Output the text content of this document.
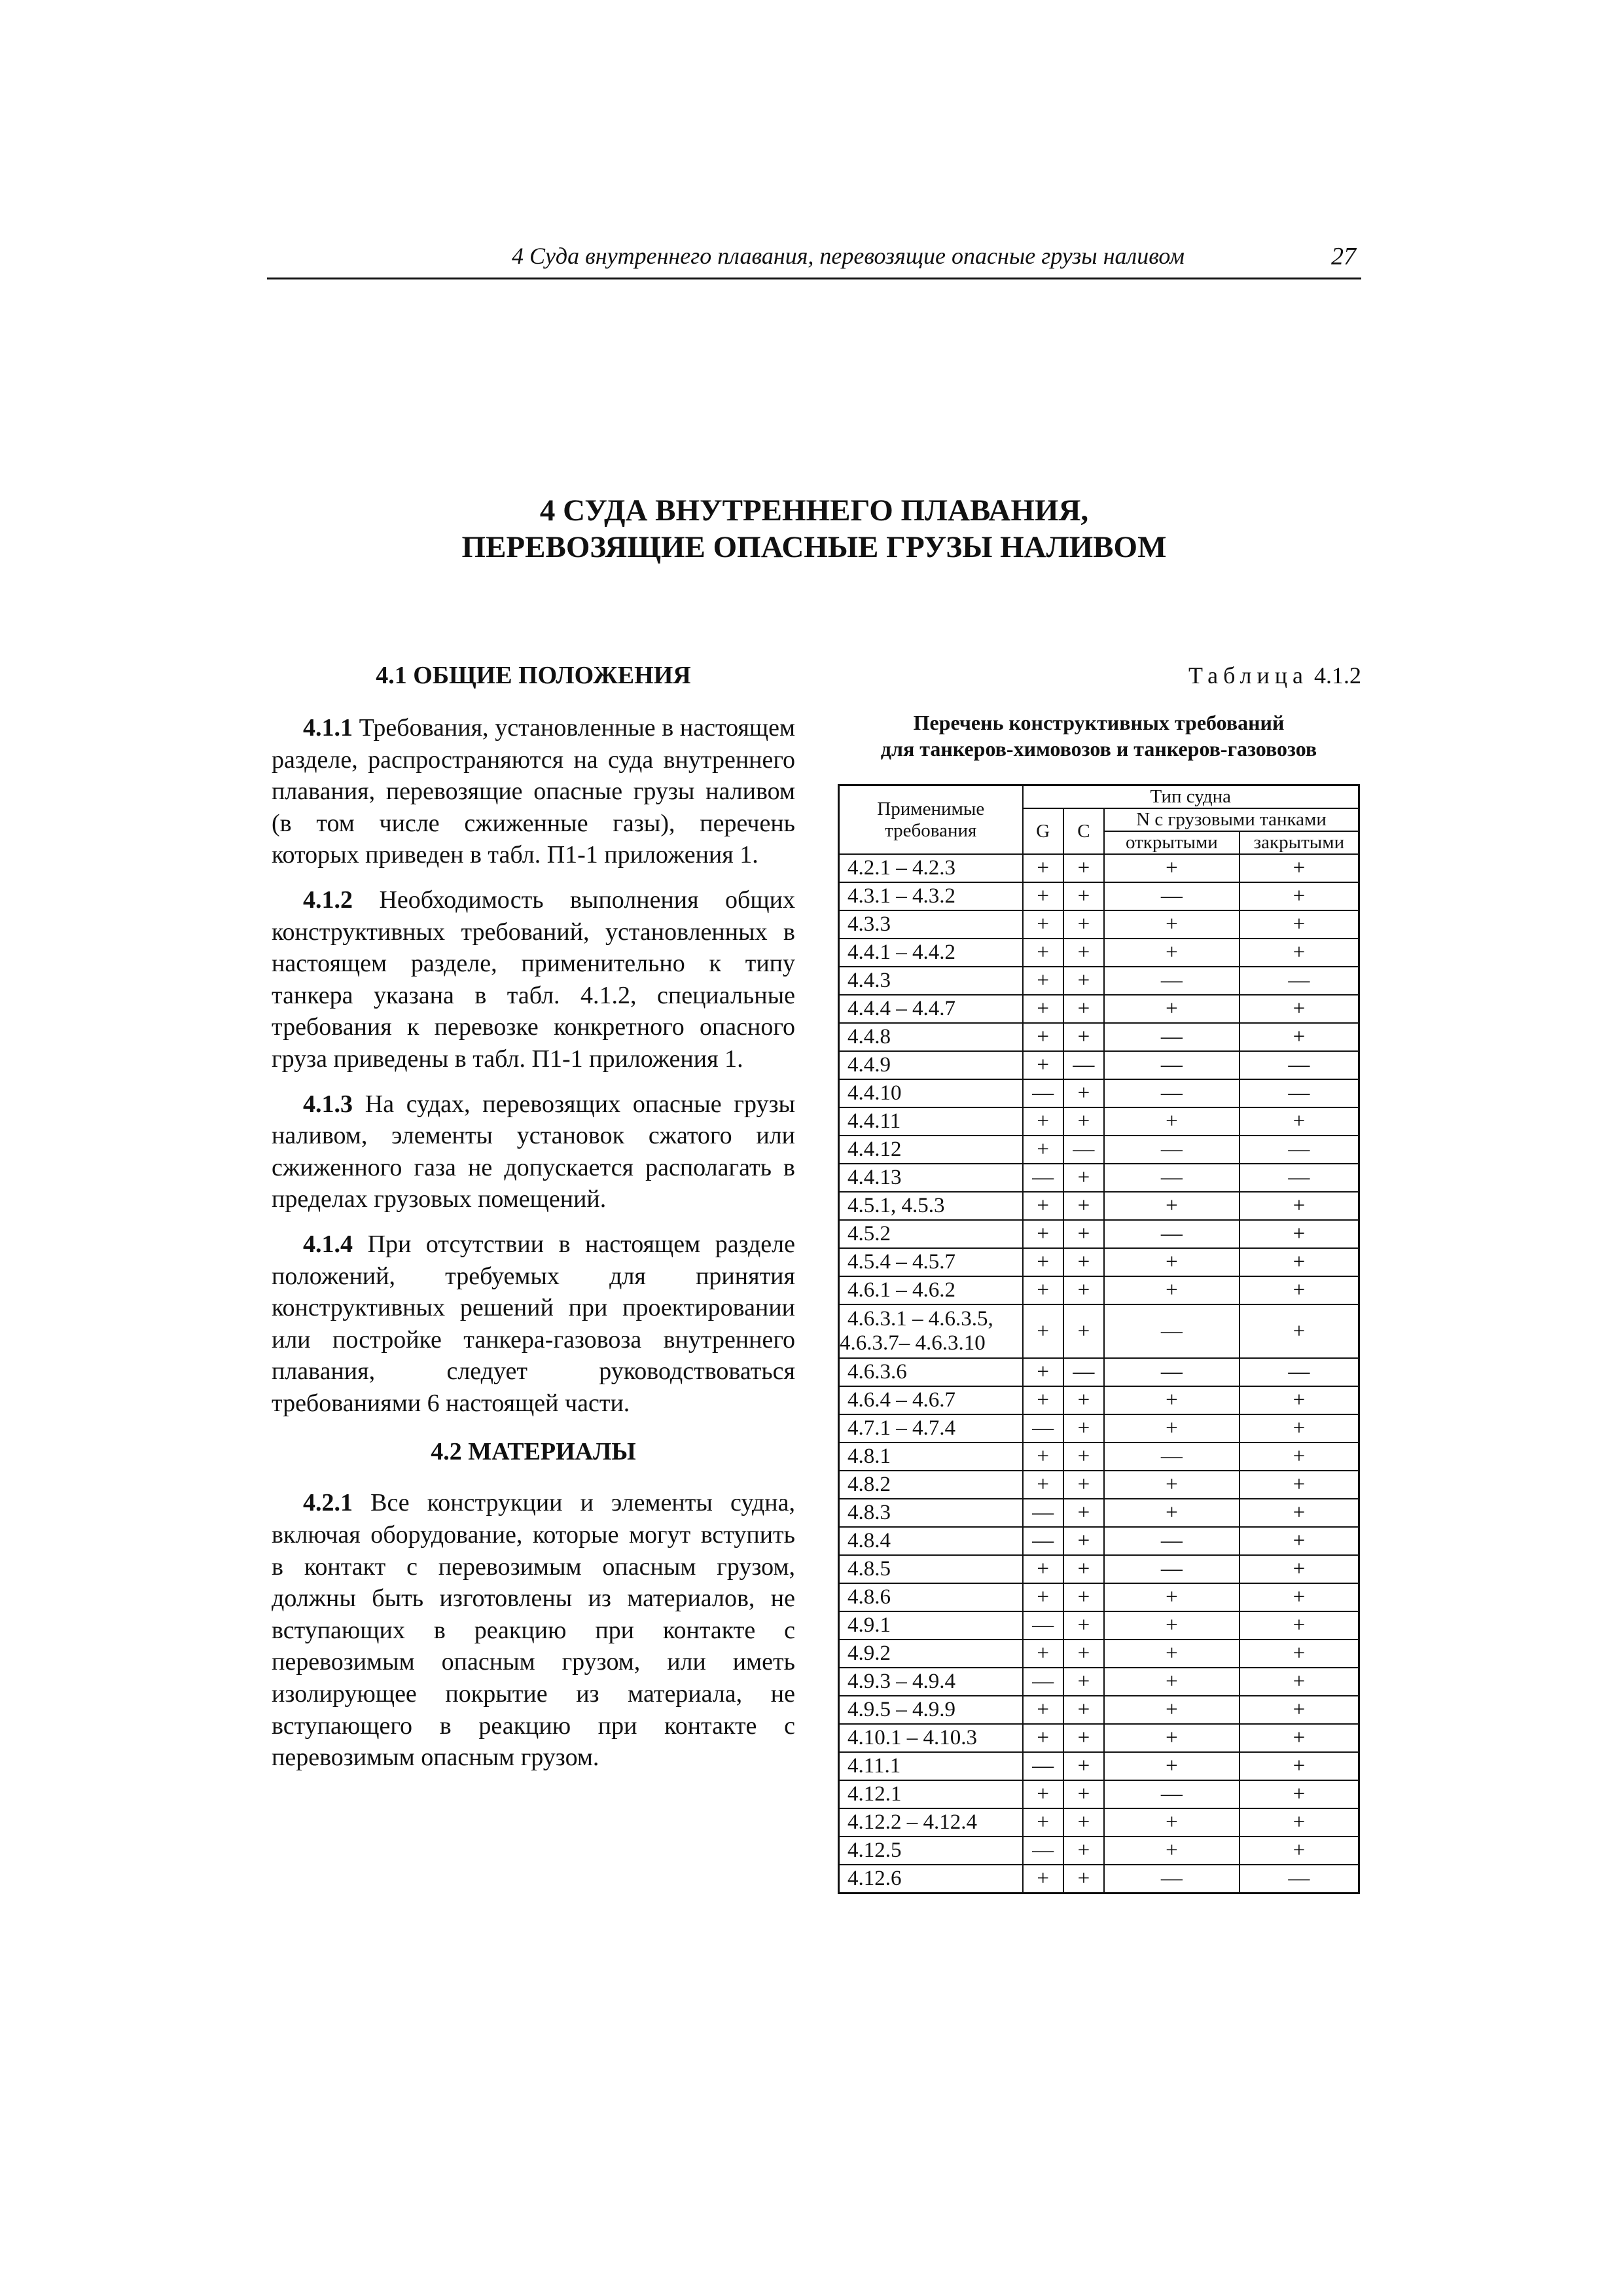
4 Суда внутреннего плавания, перевозящие опасные грузы наливом	27
4 СУДА ВНУТРЕННЕГО ПЛАВАНИЯ,
ПЕРЕВОЗЯЩИЕ ОПАСНЫЕ ГРУЗЫ НАЛИВОМ
4.1 ОБЩИЕ ПОЛОЖЕНИЯ

4.1.1 Требования, установленные в настоящем разделе, распространяются на суда внутреннего плавания, перевозящие опасные грузы наливом (в том числе сжиженные газы), перечень которых приведен в табл. П1-1 приложения 1.

4.1.2 Необходимость выполнения общих конструктивных требований, установленных в настоящем разделе, применительно к типу танкера указана в табл. 4.1.2, специальные требования к перевозке конкретного опасного груза приведены в табл. П1-1 приложения 1.

4.1.3 На судах, перевозящих опасные грузы наливом, элементы установок сжатого или сжиженного газа не допускается располагать в пределах грузовых помещений.

4.1.4 При отсутствии в настоящем разделе положений, требуемых для принятия конструктивных решений при проектировании или постройке танкера-газовоза внутреннего плавания, следует руководствоваться требованиями 6 настоящей части.

4.2 МАТЕРИАЛЫ

4.2.1 Все конструкции и элементы судна, включая оборудование, которые могут вступить в контакт с перевозимым опасным грузом, должны быть изготовлены из материалов, не вступающих в реакцию при контакте с перевозимым опасным грузом, или иметь изолирующее покрытие из материала, не вступающего в реакцию при контакте с перевозимым опасным грузом.

Таблица 4.1.2
Перечень конструктивных требований
для танкеров-химовозов и танкеров-газовозов
Применимые требования	Тип судна			
	G	C	N с грузовыми танками	
			открытыми	закрытыми

4.2.1 – 4.2.3	+	+	+	+

4.3.1 – 4.3.2	+	+	—	+

4.3.3	+	+	+	+

4.4.1 – 4.4.2	+	+	+	+

4.4.3	+	+	—	—

4.4.4 – 4.4.7	+	+	+	+

4.4.8	+	+	—	+

4.4.9	+	—	—	—

4.4.10	—	+	—	—

4.4.11	+	+	+	+

4.4.12	+	—	—	—

4.4.13	—	+	—	—

4.5.1, 4.5.3	+	+	+	+

4.5.2	+	+	—	+

4.5.4 – 4.5.7	+	+	+	+

4.6.1 – 4.6.2	+	+	+	+

4.6.3.1 – 4.6.3.5,
4.6.3.7– 4.6.3.10	+	+	—	+

4.6.3.6	+	—	—	—

4.6.4 – 4.6.7	+	+	+	+

4.7.1 – 4.7.4	—	+	+	+

4.8.1	+	+	—	+

4.8.2	+	+	+	+

4.8.3	—	+	+	+

4.8.4	—	+	—	+

4.8.5	+	+	—	+

4.8.6	+	+	+	+

4.9.1	—	+	+	+

4.9.2	+	+	+	+

4.9.3 – 4.9.4	—	+	+	+

4.9.5 – 4.9.9	+	+	+	+

4.10.1 – 4.10.3	+	+	+	+

4.11.1	—	+	+	+

4.12.1	+	+	—	+

4.12.2 – 4.12.4	+	+	+	+

4.12.5	—	+	+	+

4.12.6	+	+	—	—
